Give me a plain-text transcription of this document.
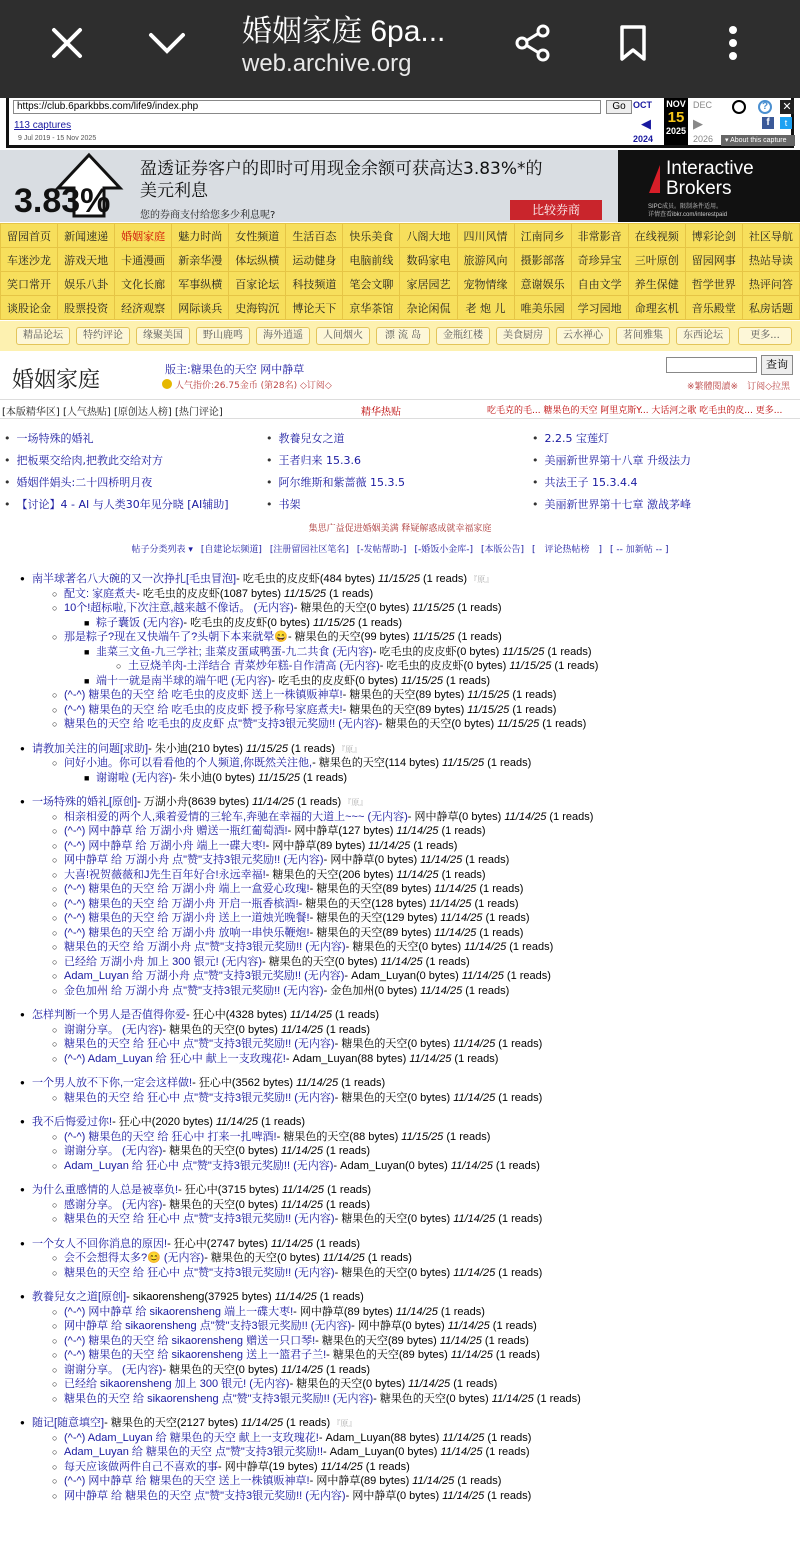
婚姻家庭 6pa...
web.archive.org
https://club.6parkbbs.com/life9/index.php	Go
113 captures
9 Jul 2019 - 15 Nov 2025
OCT
◀
2024
NOV
15
2025
DEC
▶
2026
?	✕
f	t
▾ About this capture
3.83%
盈透证券客户的即时可用现金余额可获高达3.83%*的
美元利息
您的券商支付给您多少利息呢?	比较券商
Interactive
Brokers
SIPC成员。限制条件适用。
详情查看ibkr.com/interestpaid
留园首页	新闻速递	婚姻家庭	魅力时尚	女性频道	生活百态	快乐美食	八阁大地	四川风情	江南同乡	非常影音	在线视频	博彩论剑	社区导航
车迷沙龙	游戏天地	卡通漫画	新亲华漫	体坛纵横	运动健身	电脑前线	数码家电	旅游风向	摄影部落	奇珍异宝	三叶原创	留园网事	热站导读
笑口常开	娱乐八卦	文化长廊	军事纵横	百家论坛	科技频道	笔会文聊	家居园艺	宠物情缘	意谢娱乐	自由文学	养生保健	哲学世界	热评问答
谈股论金	股票投资	经济观察	网际谈兵	史海钩沉	博论天下	京华茶馆	杂论闲侃	老 炮 儿	唯美乐园	学习园地	命理玄机	音乐殿堂	私房话题
精品论坛	特约评论	缘聚美国	野山鹿鸣	海外逍遥	人间烟火	漂 流 岛	金瓶红楼	美食厨房	云水禅心	茗间雅集	东西论坛	更多...
婚姻家庭	版主:糖果色的天空 网中静草
人气指价:26.75金币 (第28名) ◇订阅◇
查询
※繁體閱讀※　订阅◇拉黑
[本版精华区] [人气热贴] [原创达人榜] [热门评论]	精华热贴	吃毛克的毛... 糖果色的天空 阿里克斯Y... 大话河之歌 吃毛虫的皮... 更多...
• 一场特殊的婚礼
• 把板栗交给肉,把教此交给对方
• 婚姻伴娟头:二十四桥明月夜
• 【讨论】4 - AI 与人类30年见分晓 [AI辅助]
• 教養兒女之道
• 王者归来 15.3.6
• 阿尔维斯和紫蔷薇 15.3.5
• 书架
• 2.2.5 宝莲灯
• 美丽新世界第十八章 升级法力
• 共法王子 15.3.4.4
• 美丽新世界第十七章 激战茅峰
集思广益促进婚姻美满 释疑解惑成就幸福家庭
帖子分类列表 ▾ [自建论坛频道] [注册留园社区笔名] [-发帖帮助-] [-婚饭小金库-] [本版公告] [　评论热帖榜　] [ -- 加新帖 -- ]
● 南半球著名八大碗的又一次挣扎[毛虫冒泡]- 吃毛虫的皮皮虾(484 bytes) 11/15/25 (1 reads) 『原』
○ 配文: 家庭煮夫- 吃毛虫的皮皮虾(1087 bytes) 11/15/25 (1 reads)
○ 10个!超标啦,下次注意,越来越不像话。 (无内容)- 糖果色的天空(0 bytes) 11/15/25 (1 reads)
■ 粽子囊饭 (无内容)- 吃毛虫的皮皮虾(0 bytes) 11/15/25 (1 reads)
○ 那是粽子?现在又快端午了?头朝下本来就晕😄- 糖果色的天空(99 bytes) 11/15/25 (1 reads)
■ 韭菜三文鱼-九三学社; 韭菜皮蛋咸鸭蛋-九二共食 (无内容)- 吃毛虫的皮皮虾(0 bytes) 11/15/25 (1 reads)
○ 土豆烧羊肉-土洋结合 青菜炒年糕-自作清高 (无内容)- 吃毛虫的皮皮虾(0 bytes) 11/15/25 (1 reads)
■ 端十一就是南半球的端午吧 (无内容)- 吃毛虫的皮皮虾(0 bytes) 11/15/25 (1 reads)
○ (^-^) 糖果色的天空 给 吃毛虫的皮皮虾 送上一株镇贩神草!- 糖果色的天空(89 bytes) 11/15/25 (1 reads)
○ (^-^) 糖果色的天空 给 吃毛虫的皮皮虾 授予称号家庭煮夫!- 糖果色的天空(89 bytes) 11/15/25 (1 reads)
○ 糖果色的天空 给 吃毛虫的皮皮虾 点"赞"支持3银元奖励!! (无内容)- 糖果色的天空(0 bytes) 11/15/25 (1 reads)
● 请教加关注的问题[求助]- 朱小迪(210 bytes) 11/15/25 (1 reads) 『原』
○ 问好小迪。你可以看看他的个人频道,你既然关注他,- 糖果色的天空(114 bytes) 11/15/25 (1 reads)
■ 谢谢啦 (无内容)- 朱小迪(0 bytes) 11/15/25 (1 reads)
● 一场特殊的婚礼[原创]- 万湖小舟(8639 bytes) 11/14/25 (1 reads) 『原』
○ 相亲相爱的两个人,乘着爱情的三轮车,奔驰在幸福的大道上~~~ (无内容)- 网中静草(0 bytes) 11/14/25 (1 reads)
○ (^-^) 网中静草 给 万湖小舟 赠送一瓶红葡萄酒!- 网中静草(127 bytes) 11/14/25 (1 reads)
○ (^-^) 网中静草 给 万湖小舟 端上一碟大枣!- 网中静草(89 bytes) 11/14/25 (1 reads)
○ 网中静草 给 万湖小舟 点"赞"支持3银元奖励!! (无内容)- 网中静草(0 bytes) 11/14/25 (1 reads)
○ 大喜!祝贺薇薇和J先生百年好合!永远幸福!- 糖果色的天空(206 bytes) 11/14/25 (1 reads)
○ (^-^) 糖果色的天空 给 万湖小舟 端上一盒爱心玫瑰!- 糖果色的天空(89 bytes) 11/14/25 (1 reads)
○ (^-^) 糖果色的天空 给 万湖小舟 开启一瓶香槟酒!- 糖果色的天空(128 bytes) 11/14/25 (1 reads)
○ (^-^) 糖果色的天空 给 万湖小舟 送上一道烛光晚餐!- 糖果色的天空(129 bytes) 11/14/25 (1 reads)
○ (^-^) 糖果色的天空 给 万湖小舟 放响一串快乐鞭炮!- 糖果色的天空(89 bytes) 11/14/25 (1 reads)
○ 糖果色的天空 给 万湖小舟 点"赞"支持3银元奖励!! (无内容)- 糖果色的天空(0 bytes) 11/14/25 (1 reads)
○ 已经给 万湖小舟 加上 300 银元! (无内容)- 糖果色的天空(0 bytes) 11/14/25 (1 reads)
○ Adam_Luyan 给 万湖小舟 点"赞"支持3银元奖励!! (无内容)- Adam_Luyan(0 bytes) 11/14/25 (1 reads)
○ 金色加州 给 万湖小舟 点"赞"支持3银元奖励!! (无内容)- 金色加州(0 bytes) 11/14/25 (1 reads)
● 怎样判断一个男人是否值得你爱- 狂心中(4328 bytes) 11/14/25 (1 reads)
○ 谢谢分享。 (无内容)- 糖果色的天空(0 bytes) 11/14/25 (1 reads)
○ 糖果色的天空 给 狂心中 点"赞"支持3银元奖励!! (无内容)- 糖果色的天空(0 bytes) 11/14/25 (1 reads)
○ (^-^) Adam_Luyan 给 狂心中 献上一支玫瑰花!- Adam_Luyan(88 bytes) 11/14/25 (1 reads)
● 一个男人放不下你,一定会这样做!- 狂心中(3562 bytes) 11/14/25 (1 reads)
○ 糖果色的天空 给 狂心中 点"赞"支持3银元奖励!! (无内容)- 糖果色的天空(0 bytes) 11/14/25 (1 reads)
● 我不后悔爱过你!- 狂心中(2020 bytes) 11/14/25 (1 reads)
○ (^-^) 糖果色的天空 给 狂心中 打来一扎啤酒!- 糖果色的天空(88 bytes) 11/15/25 (1 reads)
○ 谢谢分享。 (无内容)- 糖果色的天空(0 bytes) 11/14/25 (1 reads)
○ Adam_Luyan 给 狂心中 点"赞"支持3银元奖励!! (无内容)- Adam_Luyan(0 bytes) 11/14/25 (1 reads)
● 为什么重感情的人总是被辜负!- 狂心中(3715 bytes) 11/14/25 (1 reads)
○ 感谢分享。 (无内容)- 糖果色的天空(0 bytes) 11/14/25 (1 reads)
○ 糖果色的天空 给 狂心中 点"赞"支持3银元奖励!! (无内容)- 糖果色的天空(0 bytes) 11/14/25 (1 reads)
● 一个女人不回你消息的原因!- 狂心中(2747 bytes) 11/14/25 (1 reads)
○ 会不会想得太多?😊 (无内容)- 糖果色的天空(0 bytes) 11/14/25 (1 reads)
○ 糖果色的天空 给 狂心中 点"赞"支持3银元奖励!! (无内容)- 糖果色的天空(0 bytes) 11/14/25 (1 reads)
● 教養兒女之道[原创]- sikaorensheng(37925 bytes) 11/14/25 (1 reads)
○ (^-^) 网中静草 给 sikaorensheng 端上一碟大枣!- 网中静草(89 bytes) 11/14/25 (1 reads)
○ 网中静草 给 sikaorensheng 点"赞"支持3银元奖励!! (无内容)- 网中静草(0 bytes) 11/14/25 (1 reads)
○ (^-^) 糖果色的天空 给 sikaorensheng 赠送一只口琴!- 糖果色的天空(89 bytes) 11/14/25 (1 reads)
○ (^-^) 糖果色的天空 给 sikaorensheng 送上一篮君子兰!- 糖果色的天空(89 bytes) 11/14/25 (1 reads)
○ 谢谢分享。 (无内容)- 糖果色的天空(0 bytes) 11/14/25 (1 reads)
○ 已经给 sikaorensheng 加上 300 银元! (无内容)- 糖果色的天空(0 bytes) 11/14/25 (1 reads)
○ 糖果色的天空 给 sikaorensheng 点"赞"支持3银元奖励!! (无内容)- 糖果色的天空(0 bytes) 11/14/25 (1 reads)
● 随记[随意填空]- 糖果色的天空(2127 bytes) 11/14/25 (1 reads) 『原』
○ (^-^) Adam_Luyan 给 糖果色的天空 献上一支玫瑰花!- Adam_Luyan(88 bytes) 11/14/25 (1 reads)
○ Adam_Luyan 给 糖果色的天空 点"赞"支持3银元奖励!!- Adam_Luyan(0 bytes) 11/14/25 (1 reads)
○ 每天应该做两件自己不喜欢的事- 网中静草(19 bytes) 11/14/25 (1 reads)
○ (^-^) 网中静草 给 糖果色的天空 送上一株镇贩神草!- 网中静草(89 bytes) 11/14/25 (1 reads)
○ 网中静草 给 糖果色的天空 点"赞"支持3银元奖励!! (无内容)- 网中静草(0 bytes) 11/14/25 (1 reads)
